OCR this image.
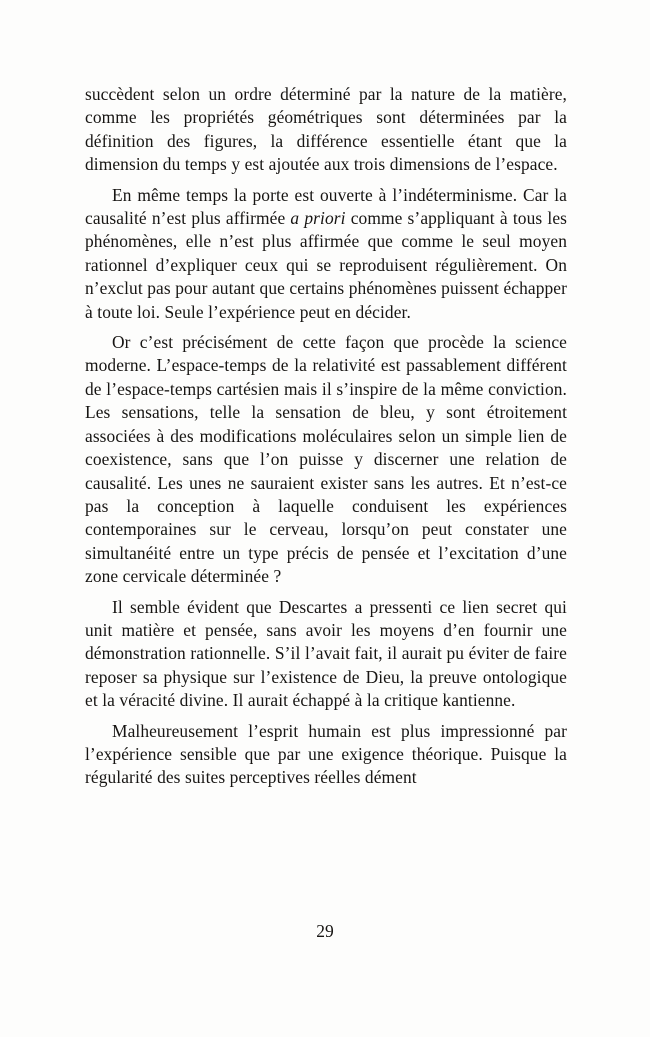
succèdent selon un ordre déterminé par la nature de la matière, comme les propriétés géométriques sont déterminées par la définition des figures, la différence essentielle étant que la dimension du temps y est ajoutée aux trois dimensions de l’espace.

En même temps la porte est ouverte à l’indéterminisme. Car la causalité n’est plus affirmée a priori comme s’appliquant à tous les phénomènes, elle n’est plus affirmée que comme le seul moyen rationnel d’expliquer ceux qui se reproduisent régulièrement. On n’exclut pas pour autant que certains phénomènes puissent échapper à toute loi. Seule l’expérience peut en décider.

Or c’est précisément de cette façon que procède la science moderne. L’espace-temps de la relativité est passablement différent de l’espace-temps cartésien mais il s’inspire de la même conviction. Les sensations, telle la sensation de bleu, y sont étroitement associées à des modifications moléculaires selon un simple lien de coexistence, sans que l’on puisse y discerner une relation de causalité. Les unes ne sauraient exister sans les autres. Et n’est-ce pas la conception à laquelle conduisent les expériences contemporaines sur le cerveau, lorsqu’on peut constater une simultanéité entre un type précis de pensée et l’excitation d’une zone cervicale déterminée ?

Il semble évident que Descartes a pressenti ce lien secret qui unit matière et pensée, sans avoir les moyens d’en fournir une démonstration rationnelle. S’il l’avait fait, il aurait pu éviter de faire reposer sa physique sur l’existence de Dieu, la preuve ontologique et la véracité divine. Il aurait échappé à la critique kantienne.

Malheureusement l’esprit humain est plus impressionné par l’expérience sensible que par une exigence théorique. Puisque la régularité des suites perceptives réelles dément

29
